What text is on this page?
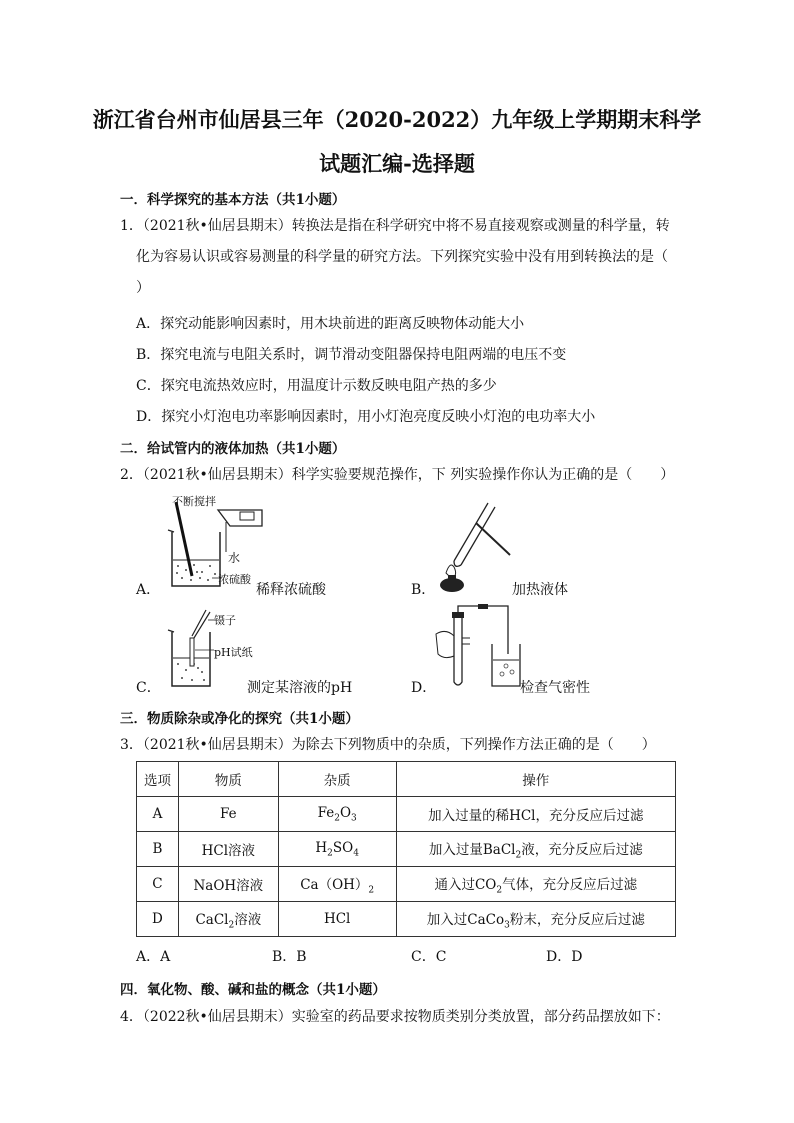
浙江省台州市仙居县三年（2020-2022）九年级上学期期末科学
试题汇编-选择题
一．科学探究的基本方法（共1小题）
1．（2021秋•仙居县期末）转换法是指在科学研究中将不易直接观察或测量的科学量，转
化为容易认识或容易测量的科学量的研究方法。下列探究实验中没有用到转换法的是（
）
A．探究动能影响因素时，用木块前进的距离反映物体动能大小
B．探究电流与电阻关系时，调节滑动变阻器保持电阻两端的电压不变
C．探究电流热效应时，用温度计示数反映电阻产热的多少
D．探究小灯泡电功率影响因素时，用小灯泡亮度反映小灯泡的电功率大小
二．给试管内的液体加热（共1小题）
2．（2021秋•仙居县期末）科学实验要规范操作，下 列实验操作你认为正确的是（　　）
A．
不断搅拌
水
浓硫酸
稀释浓硫酸	B．	加热液体
C．
镊子
pH试纸
测定某溶液的pH	D．	检查气密性
三．物质除杂或净化的探究（共1小题）
3．（2021秋•仙居县期末）为除去下列物质中的杂质，下列操作方法正确的是（　　）
选项	物质	杂质	操作
A	Fe	$Fe_2O_3$	加入过量的稀HCl，充分反应后过滤
B	HCl溶液	$H_2SO_4$	加入过量BaCl$_2$液，充分反应后过滤
C	NaOH溶液	$Ca(OH)_2$	通入过$CO_2$气体，充分反应后过滤
D	CaCl$_2$溶液	HCl	加入过CaCo$_3$粉末，充分反应后过滤
A．A	B．B	C．C	D．D
四．氧化物、酸、碱和盐的概念（共1小题）
4．（2022秋•仙居县期末）实验室的药品要求按物质类别分类放置，部分药品摆放如下：
